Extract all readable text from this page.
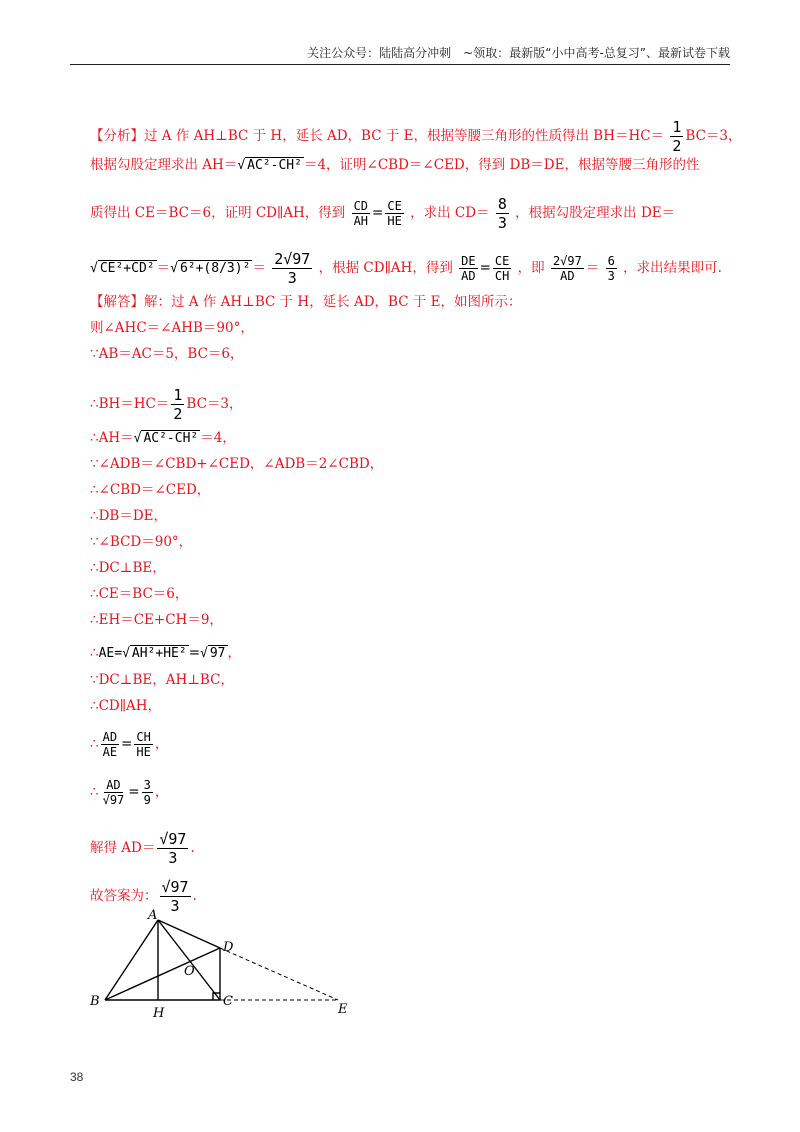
关注公众号：陆陆高分冲刺　~领取：最新版“小中高考-总复习”、最新试卷下载
【分析】过 A 作 AH⊥BC 于 H，延长 AD，BC 于 E，根据等腰三角形的性质得出 $BH=HC= \frac{1}{2} BC=3$，
根据勾股定理求出 AH＝√ AC²-CH² ＝4，证明∠CBD＝∠CED，得到 DB＝DE，根据等腰三角形的性
质得出 CE＝BC＝6，证明 CD∥AH，得到 $\frac{CD}{AH} = \frac{CE}{HE}$ ，求出 $CD= \frac{8}{3}$ ，根据勾股定理求出 DE＝
√ CE²+CD² ＝√ $6^2+(8/3)^2 = \frac{2√97}{3}$ ，根据 CD∥AH，得到 $\frac{DE}{AD} = \frac{CE}{CH}$ ，即 $\frac{2√97}{AD} = \frac{6}{3}$ ，求出结果即可.
【解答】解：过 A 作 AH⊥BC 于 H，延长 AD，BC 于 E，如图所示：
则∠AHC＝∠AHB＝90°，
∵AB＝AC＝5，BC＝6，
∴BH＝HC＝ $\frac{1}{2} BC=3$，
∴AH＝√ AC²-CH² ＝4，
∵∠ADB＝∠CBD+∠CED，∠ADB＝2∠CBD，
∴∠CBD＝∠CED，
∴DB＝DE，
∵∠BCD＝90°，
∴DC⊥BE，
∴CE＝BC＝6，
∴EH＝CE+CH＝9，
∴AE=√ AH²+HE² =√ 97 ，
∵DC⊥BE，AH⊥BC，
∴CD∥AH，
∴ $\frac{AD}{AE} = \frac{CH}{HE}$ ，
∴ $\frac{AD}{√97} = \frac{3}{9}$ ，
解得 $AD= \frac{√97}{3}$ .
故答案为： $\frac{√97}{3}$ .
A
D
O
B
H
C
E
38
